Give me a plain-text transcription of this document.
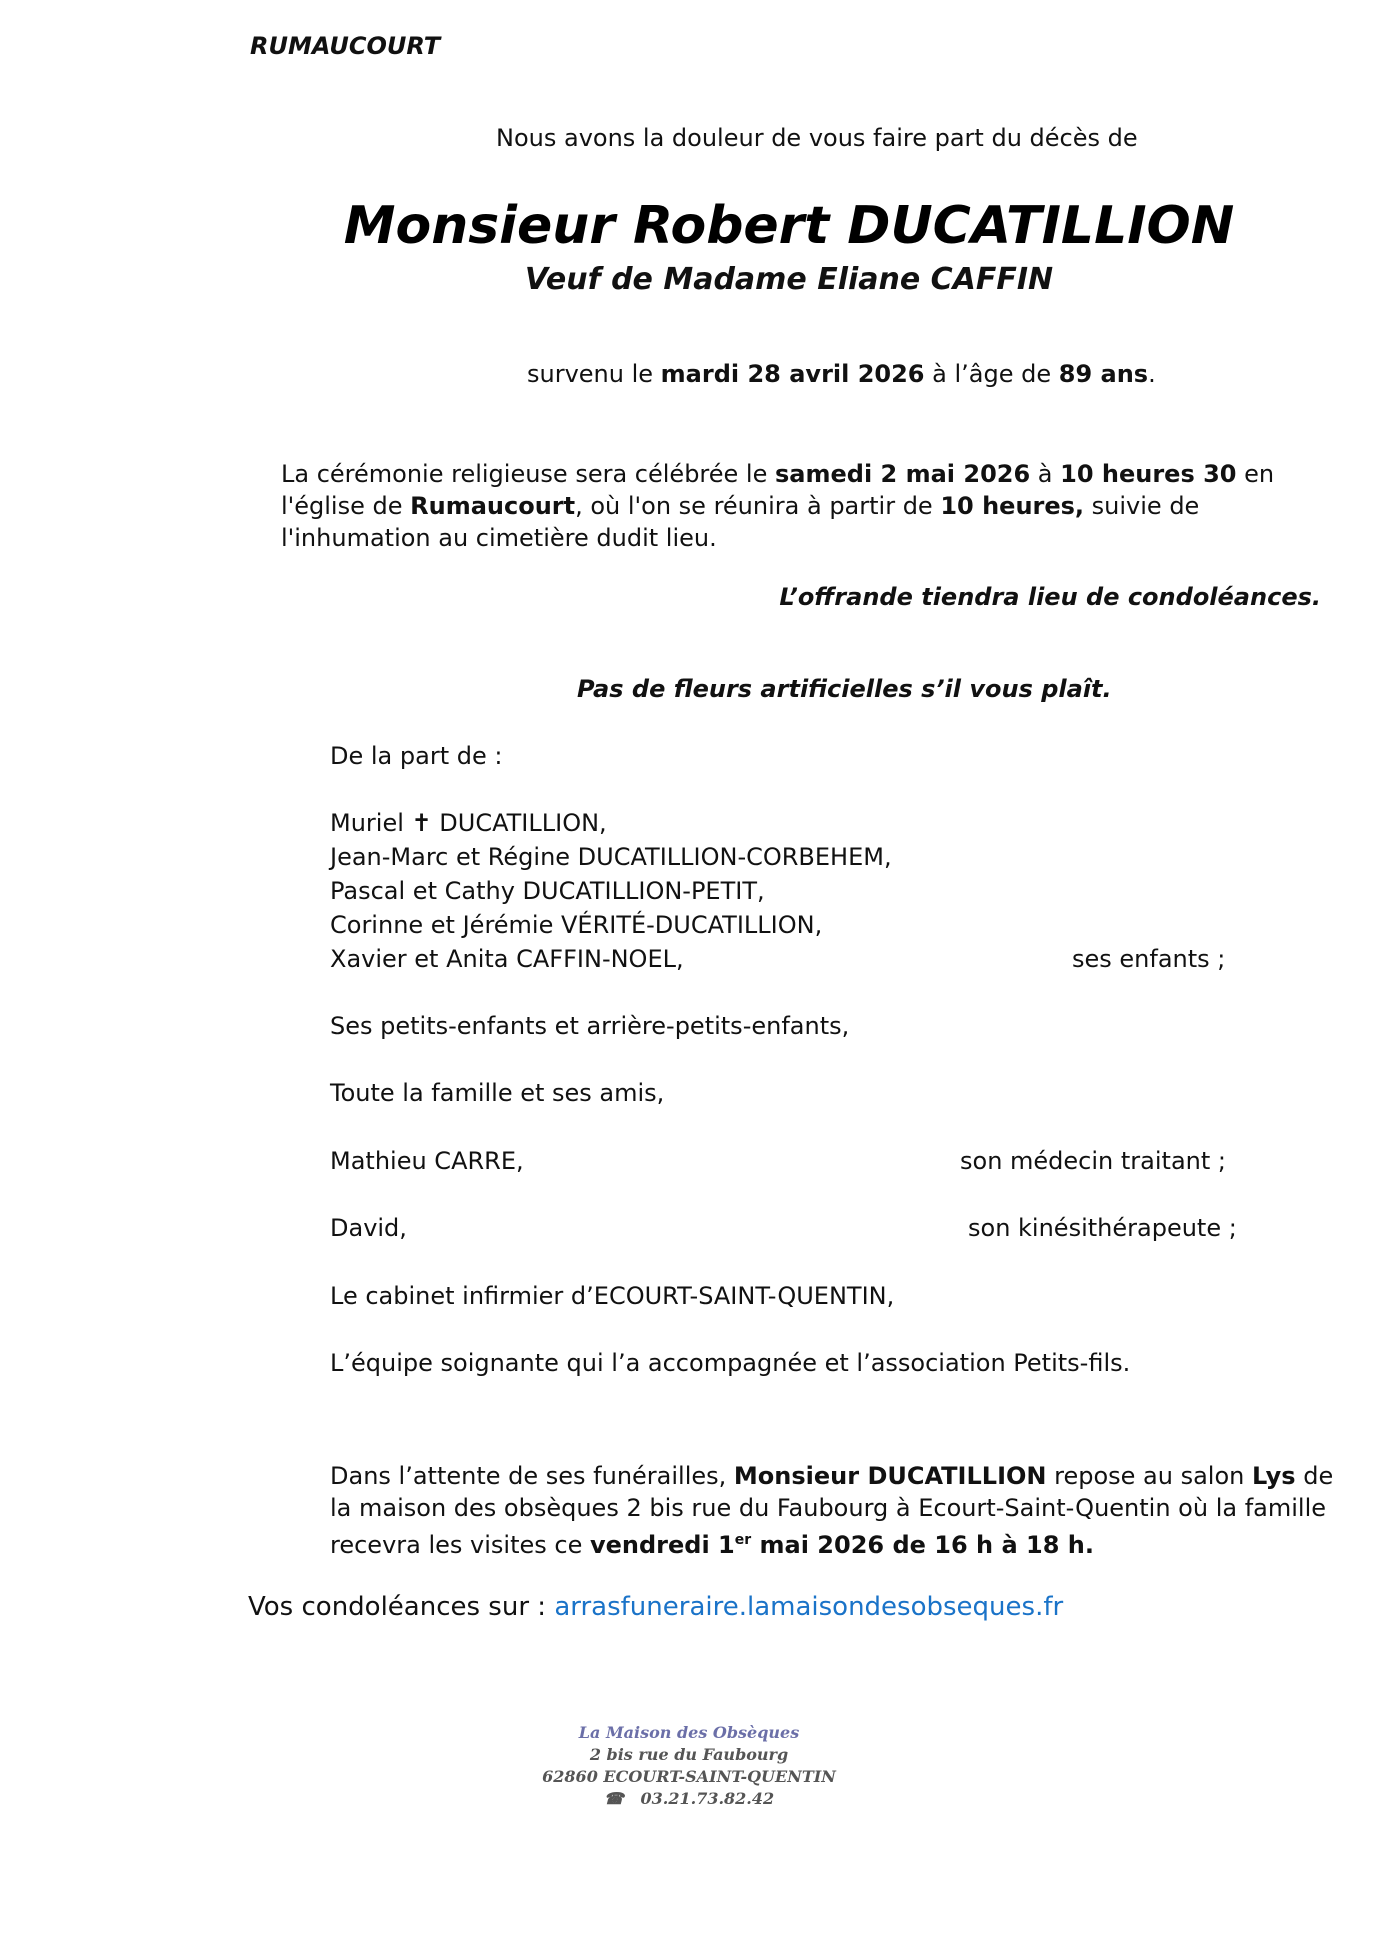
RUMAUCOURT
Nous avons la douleur de vous faire part du décès de
Monsieur Robert DUCATILLION
Veuf de Madame Eliane CAFFIN
survenu le mardi 28 avril 2026 à l’âge de 89 ans.
La cérémonie religieuse sera célébrée le samedi 2 mai 2026 à 10 heures 30 en l'église de Rumaucourt, où l'on se réunira à partir de 10 heures, suivie de l'inhumation au cimetière dudit lieu.
L’offrande tiendra lieu de condoléances.
Pas de fleurs artificielles s’il vous plaît.
De la part de :
Muriel ✝ DUCATILLION,
Jean-Marc et Régine DUCATILLION-CORBEHEM,
Pascal et Cathy DUCATILLION-PETIT,
Corinne et Jérémie VÉRITÉ-DUCATILLION,
Xavier et Anita CAFFIN-NOEL,	ses enfants ;
Ses petits-enfants et arrière-petits-enfants,
Toute la famille et ses amis,
Mathieu CARRE,	son médecin traitant ;
David,	son kinésithérapeute ;
Le cabinet infirmier d’ECOURT-SAINT-QUENTIN,
L’équipe soignante qui l’a accompagnée et l’association Petits-fils.
Dans l’attente de ses funérailles, Monsieur DUCATILLION repose au salon Lys de la maison des obsèques 2 bis rue du Faubourg à Ecourt-Saint-Quentin où la famille recevra les visites ce vendredi 1er mai 2026 de 16 h à 18 h.
Vos condoléances sur : arrasfuneraire.lamaisondesobseques.fr
La Maison des Obsèques
2 bis rue du Faubourg
62860 ECOURT-SAINT-QUENTIN
☎ 03.21.73.82.42
